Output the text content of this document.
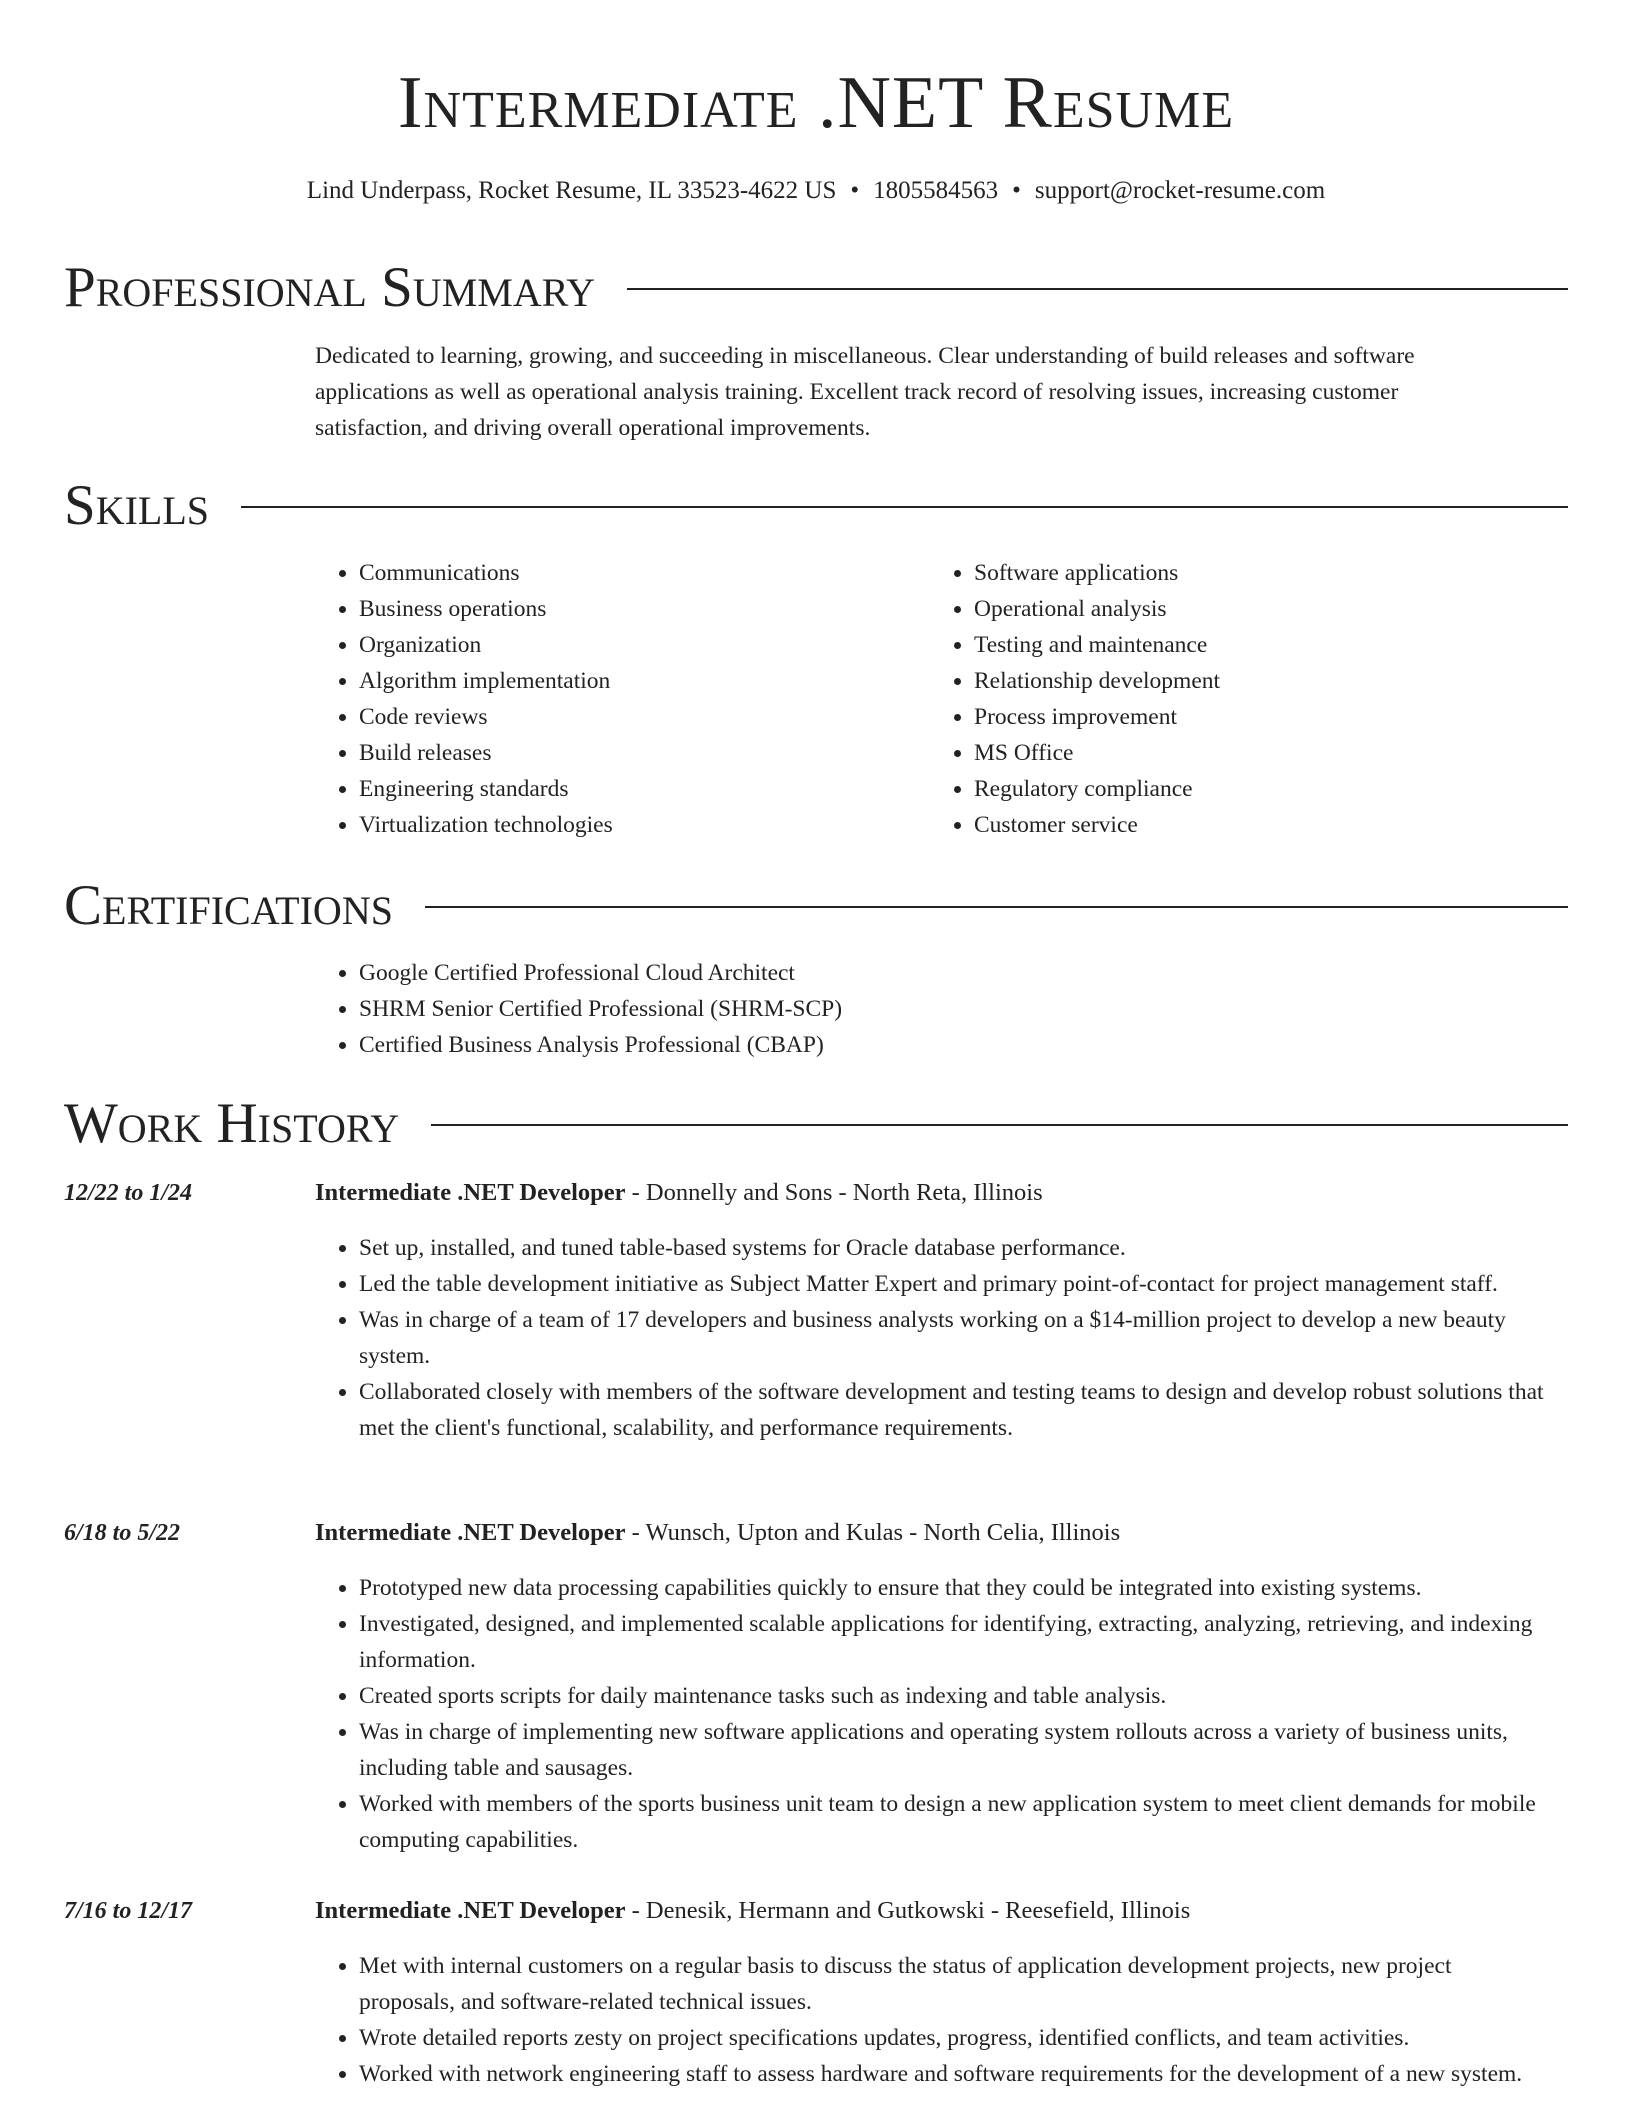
Intermediate .NET Resume
Lind Underpass, Rocket Resume, IL 33523-4622 US • 1805584563 • support@rocket-resume.com
Professional Summary

Dedicated to learning, growing, and succeeding in miscellaneous. Clear understanding of build releases and software applications as well as operational analysis training. Excellent track record of resolving issues, increasing customer satisfaction, and driving overall operational improvements.

Skills
• Communications
• Business operations
• Organization
• Algorithm implementation
• Code reviews
• Build releases
• Engineering standards
• Virtualization technologies
• Software applications
• Operational analysis
• Testing and maintenance
• Relationship development
• Process improvement
• MS Office
• Regulatory compliance
• Customer service
Certifications
• Google Certified Professional Cloud Architect
• SHRM Senior Certified Professional (SHRM-SCP)
• Certified Business Analysis Professional (CBAP)
Work History
12/22 to 1/24	Intermediate .NET Developer - Donnelly and Sons - North Reta, Illinois
• Set up, installed, and tuned table-based systems for Oracle database performance.
• Led the table development initiative as Subject Matter Expert and primary point-of-contact for project management staff.
• Was in charge of a team of 17 developers and business analysts working on a $14-million project to develop a new beauty system.
• Collaborated closely with members of the software development and testing teams to design and develop robust solutions that met the client's functional, scalability, and performance requirements.
6/18 to 5/22	Intermediate .NET Developer - Wunsch, Upton and Kulas - North Celia, Illinois
• Prototyped new data processing capabilities quickly to ensure that they could be integrated into existing systems.
• Investigated, designed, and implemented scalable applications for identifying, extracting, analyzing, retrieving, and indexing information.
• Created sports scripts for daily maintenance tasks such as indexing and table analysis.
• Was in charge of implementing new software applications and operating system rollouts across a variety of business units, including table and sausages.
• Worked with members of the sports business unit team to design a new application system to meet client demands for mobile computing capabilities.
7/16 to 12/17	Intermediate .NET Developer - Denesik, Hermann and Gutkowski - Reesefield, Illinois
• Met with internal customers on a regular basis to discuss the status of application development projects, new project proposals, and software-related technical issues.
• Wrote detailed reports zesty on project specifications updates, progress, identified conflicts, and team activities.
• Worked with network engineering staff to assess hardware and software requirements for the development of a new system.
